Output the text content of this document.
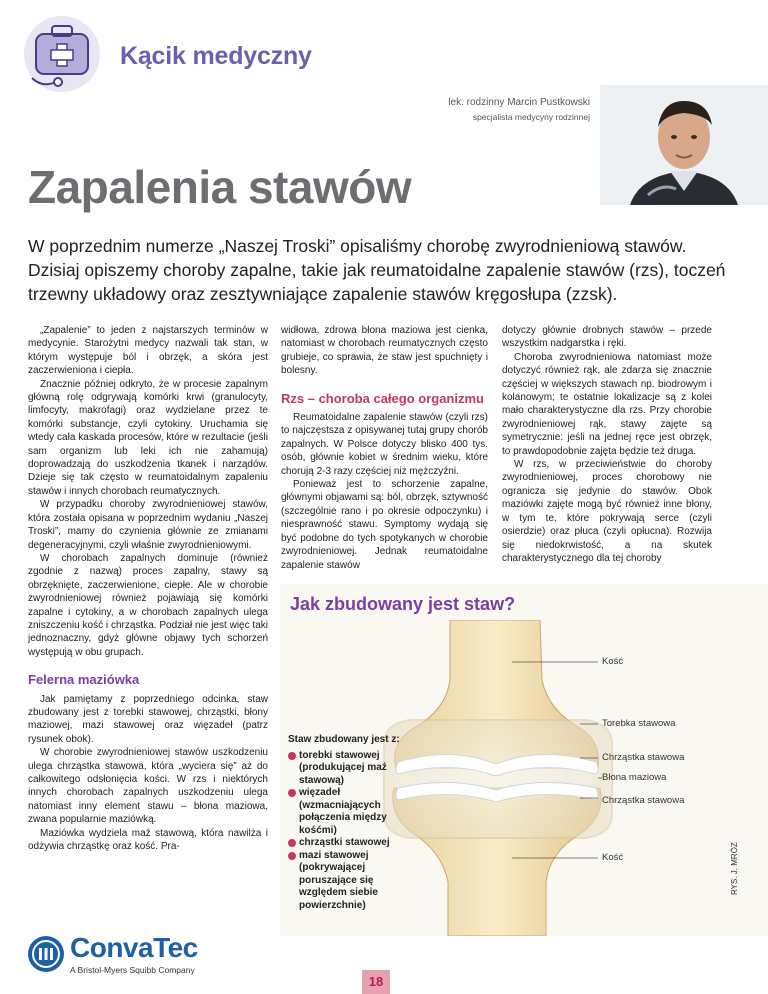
Kącik medyczny
lek. rodzinny Marcin Pustkowski
specjalista medycyny rodzinnej
Zapalenia stawów
W poprzednim numerze „Naszej Troski” opisaliśmy chorobę zwyrodnieniową stawów. Dzisiaj opiszemy choroby zapalne, takie jak reumatoidalne zapalenie stawów (rzs), toczeń trzewny układowy oraz zesztywniające zapalenie stawów kręgosłupa (zzsk).

„Zapalenie” to jeden z najstarszych terminów w medycynie. Starożytni medycy nazwali tak stan, w którym występuje ból i obrzęk, a skóra jest zaczerwieniona i ciepła.

Znacznie później odkryto, że w procesie zapalnym główną rolę odgrywają komórki krwi (granulocyty, limfocyty, makrofagi) oraz wydzielane przez te komórki substancje, czyli cytokiny. Uruchamia się wtedy cała kaskada procesów, które w rezultacie (jeśli sam organizm lub leki ich nie zahamują) doprowadzają do uszkodzenia tkanek i narządów. Dzieje się tak często w reumatoidalnym zapaleniu stawów i innych chorobach reumatycznych.

W przypadku choroby zwyrodnieniowej stawów, która została opisana w poprzednim wydaniu „Naszej Troski”, mamy do czynienia głównie ze zmianami degeneracyjnymi, czyli właśnie zwyrodnieniowymi.

W chorobach zapalnych dominuje (również zgodnie z nazwą) proces zapalny, stawy są obrzęknięte, zaczerwienione, ciepłe. Ale w chorobie zwyrodnieniowej również pojawiają się komórki zapalne i cytokiny, a w chorobach zapalnych ulega zniszczeniu kość i chrząstka. Podział nie jest więc taki jednoznaczny, gdyż główne objawy tych schorzeń występują w obu grupach.

Felerna maziówka

Jak pamiętamy z poprzedniego odcinka, staw zbudowany jest z torebki stawowej, chrząstki, błony maziowej, mazi stawowej oraz więzadeł (patrz rysunek obok).

W chorobie zwyrodnieniowej stawów uszkodzeniu ulega chrząstka stawowa, która „wyciera się” aż do całkowitego odsłonięcia kości. W rzs i niektórych innych chorobach zapalnych uszkodzeniu ulega natomiast inny element stawu – błona maziowa, zwana popularnie maziówką.

Maziówka wydziela maź stawową, która nawilża i odżywia chrząstkę oraz kość. Pra-

widłowa, zdrowa błona maziowa jest cienka, natomiast w chorobach reumatycznych często grubieje, co sprawia, że staw jest spuchnięty i bolesny.

Rzs – choroba całego organizmu

Reumatoidalne zapalenie stawów (czyli rzs) to najczęstsza z opisywanej tutaj grupy chorób zapalnych. W Polsce dotyczy blisko 400 tys. osób, głównie kobiet w średnim wieku, które chorują 2-3 razy częściej niż mężczyźni.

Ponieważ jest to schorzenie zapalne, głównymi objawami są: ból, obrzęk, sztywność (szczególnie rano i po okresie odpoczynku) i niesprawność stawu. Symptomy wydają się być podobne do tych spotykanych w chorobie zwyrodnieniowej. Jednak reumatoidalne zapalenie stawów

dotyczy głównie drobnych stawów – przede wszystkim nadgarstka i ręki.

Choroba zwyrodnieniowa natomiast może dotyczyć również rąk, ale zdarza się znacznie częściej w większych stawach np. biodrowym i kolanowym; te ostatnie lokalizacje są z kolei mało charakterystyczne dla rzs. Przy chorobie zwyrodnieniowej rąk, stawy zajęte są symetrycznie: jeśli na jednej ręce jest obrzęk, to prawdopodobnie zajęta będzie też druga.

W rzs, w przeciwieństwie do choroby zwyrodnieniowej, proces chorobowy nie ogranicza się jedynie do stawów. Obok maziówki zajęte mogą być również inne błony, w tym te, które pokrywają serce (czyli osierdzie) oraz płuca (czyli opłucna). Rozwija się niedokrwistość, a na skutek charakterystycznego dla tej choroby

Jak zbudowany jest staw?
Kość
Torebka stawowa
Chrząstka stawowa
Błona maziowa
Chrząstka stawowa
Kość
Staw zbudowany jest z:
torebki stawowej (produkującej maź stawową)
więzadeł (wzmacniających połączenia między kośćmi)
chrząstki stawowej
mazi stawowej (pokrywającej poruszające się względem siebie powierzchnie)
RYS. J. MRÓZ
ConvaTec
A Bristol-Myers Squibb Company
18
